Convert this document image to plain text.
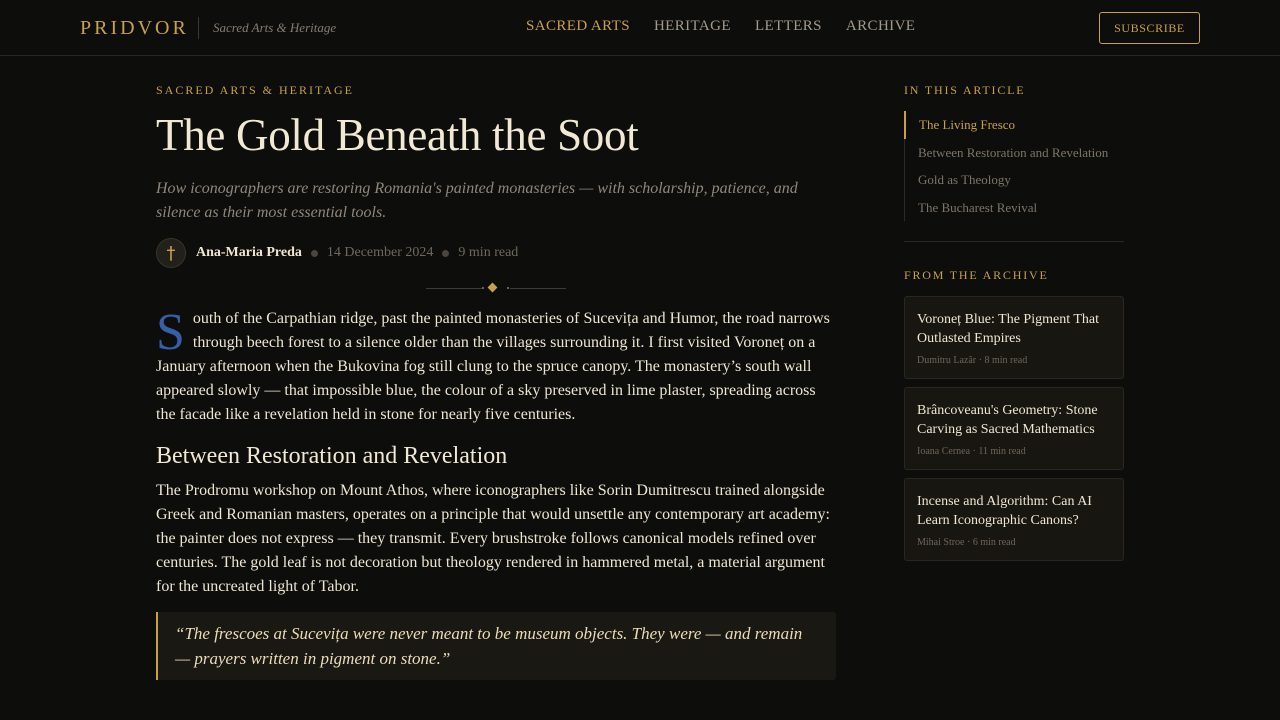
PRIDVOR Sacred Arts & Heritage	SACRED ARTS HERITAGE LETTERS ARCHIVE	SUBSCRIBE
SACRED ARTS & HERITAGE
The Gold Beneath the Soot

How iconographers are restoring Romania's painted monasteries — with scholarship, patience, and silence as their most essential tools.

† Ana-Maria Preda 14 December 2024 9 min read

South of the Carpathian ridge, past the painted monasteries of Sucevița and Humor, the road narrows through beech forest to a silence older than the villages surrounding it. I first visited Voroneț on a January afternoon when the Bukovina fog still clung to the spruce canopy. The monastery’s south wall appeared slowly — that impossible blue, the colour of a sky preserved in lime plaster, spreading across the facade like a revelation held in stone for nearly five centuries.

Between Restoration and Revelation

The Prodromu workshop on Mount Athos, where iconographers like Sorin Dumitrescu trained alongside Greek and Romanian masters, operates on a principle that would unsettle any contemporary art academy: the painter does not express — they transmit. Every brushstroke follows canonical models refined over centuries. The gold leaf is not decoration but theology rendered in hammered metal, a material argument for the uncreated light of Tabor.

“The frescoes at Sucevița were never meant to be museum objects. They were — and remain — prayers written in pigment on stone.”
IN THIS ARTICLE
The Living Fresco
Between Restoration and Revelation
Gold as Theology
The Bucharest Revival
FROM THE ARCHIVE
Voroneț Blue: The Pigment That Outlasted Empires
Dumitru Lazăr · 8 min read
Brâncoveanu's Geometry: Stone Carving as Sacred Mathematics
Ioana Cernea · 11 min read
Incense and Algorithm: Can AI Learn Iconographic Canons?
Mihai Stroe · 6 min read
